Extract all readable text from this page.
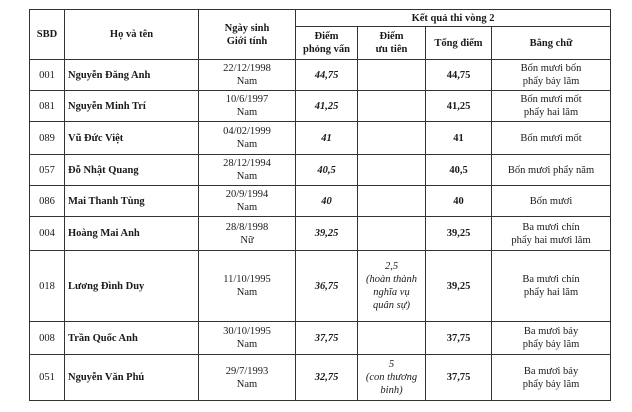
SBD	Họ và tên	Ngày sinh
Giới tính	Kết quả thi vòng 2			

			Điểm
phỏng vấn	Điểm
ưu tiên	Tổng điểm	Bằng chữ
001	Nguyễn Đăng Anh	22/12/1998
Nam	44,75		44,75	Bốn mươi bốn
phẩy bảy lăm

081	Nguyễn Minh Trí	10/6/1997
Nam	41,25		41,25	Bốn mươi mốt
phẩy hai lăm

089	Vũ Đức Việt	04/02/1999
Nam	41		41	Bốn mươi mốt
057	Đỗ Nhật Quang	28/12/1994
Nam	40,5		40,5	Bốn mươi phẩy năm
086	Mai Thanh Tùng	20/9/1994
Nam	40		40	Bốn mươi
004	Hoàng Mai Anh	28/8/1998
Nữ	39,25		39,25	Ba mươi chín
phẩy hai mươi lăm

018	Lương Đình Duy	11/10/1995
Nam	36,75	2,5
(hoàn thành
nghĩa vụ
quân sự)	39,25	Ba mươi chín
phẩy hai lăm

008	Trần Quốc Anh	30/10/1995
Nam	37,75		37,75	Ba mươi bảy
phẩy bảy lăm

051	Nguyễn Văn Phú	29/7/1993
Nam	32,75	5
(con thương
binh)	37,75	Ba mươi bảy
phẩy bảy lăm
